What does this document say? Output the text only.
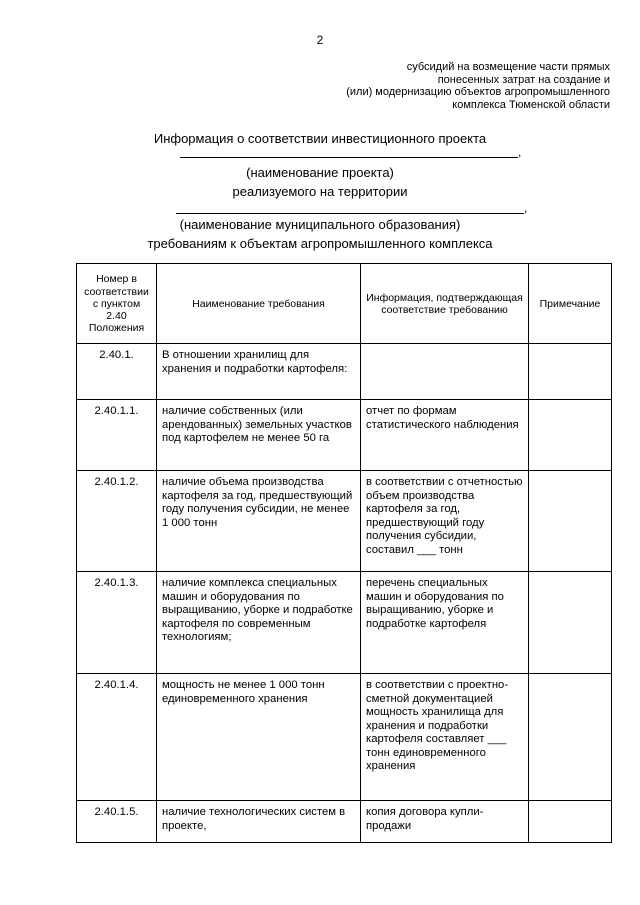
2
субсидий на возмещение части прямых
понесенных затрат на создание и
(или) модернизацию объектов агропромышленного
комплекса Тюменской области
Информация о соответствии инвестиционного проекта
,
(наименование проекта)
реализуемого на территории
,
(наименование муниципального образования)
требованиям к объектам агропромышленного комплекса
Номер в соответствии с пунктом 2.40 Положения	Наименование требования	Информация, подтверждающая соответствие требованию	Примечание
2.40.1.	В отношении хранилищ для хранения и подработки картофеля:		
2.40.1.1.	наличие собственных (или арендованных) земельных участков под картофелем не менее 50 га	отчет по формам статистического наблюдения	
2.40.1.2.	наличие объема производства картофеля за год, предшествующий году получения субсидии, не менее 1 000 тонн	в соответствии с отчетностью объем производства картофеля за год, предшествующий году получения субсидии, составил ___ тонн	
2.40.1.3.	наличие комплекса специальных машин и оборудования по выращиванию, уборке и подработке картофеля по современным технологиям;	перечень специальных машин и оборудования по выращиванию, уборке и подработке картофеля	
2.40.1.4.	мощность не менее 1 000 тонн единовременного хранения	в соответствии с проектно-сметной документацией мощность хранилища для хранения и подработки картофеля составляет ___ тонн единовременного хранения	
2.40.1.5.	наличие технологических систем в проекте,	копия договора купли-продажи	
